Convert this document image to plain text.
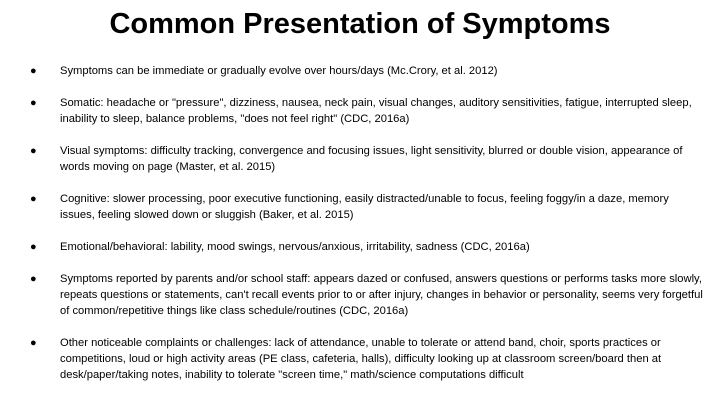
Common Presentation of Symptoms
● Symptoms can be immediate or gradually evolve over hours/days (Mc.Crory, et al. 2012)
● Somatic: headache or "pressure", dizziness, nausea, neck pain, visual changes, auditory sensitivities, fatigue, interrupted sleep, inability to sleep, balance problems, "does not feel right" (CDC, 2016a)
● Visual symptoms: difficulty tracking, convergence and focusing issues, light sensitivity, blurred or double vision, appearance of words moving on page (Master, et al. 2015)
● Cognitive: slower processing, poor executive functioning, easily distracted/unable to focus, feeling foggy/in a daze, memory issues, feeling slowed down or sluggish (Baker, et al. 2015)
● Emotional/behavioral: lability, mood swings, nervous/anxious, irritability, sadness (CDC, 2016a)
● Symptoms reported by parents and/or school staff: appears dazed or confused, answers questions or performs tasks more slowly, repeats questions or statements, can't recall events prior to or after injury, changes in behavior or personality, seems very forgetful of common/repetitive things like class schedule/routines (CDC, 2016a)
● Other noticeable complaints or challenges: lack of attendance, unable to tolerate or attend band, choir, sports practices or competitions, loud or high activity areas (PE class, cafeteria, halls), difficulty looking up at classroom screen/board then at desk/paper/taking notes, inability to tolerate "screen time," math/science computations difficult
